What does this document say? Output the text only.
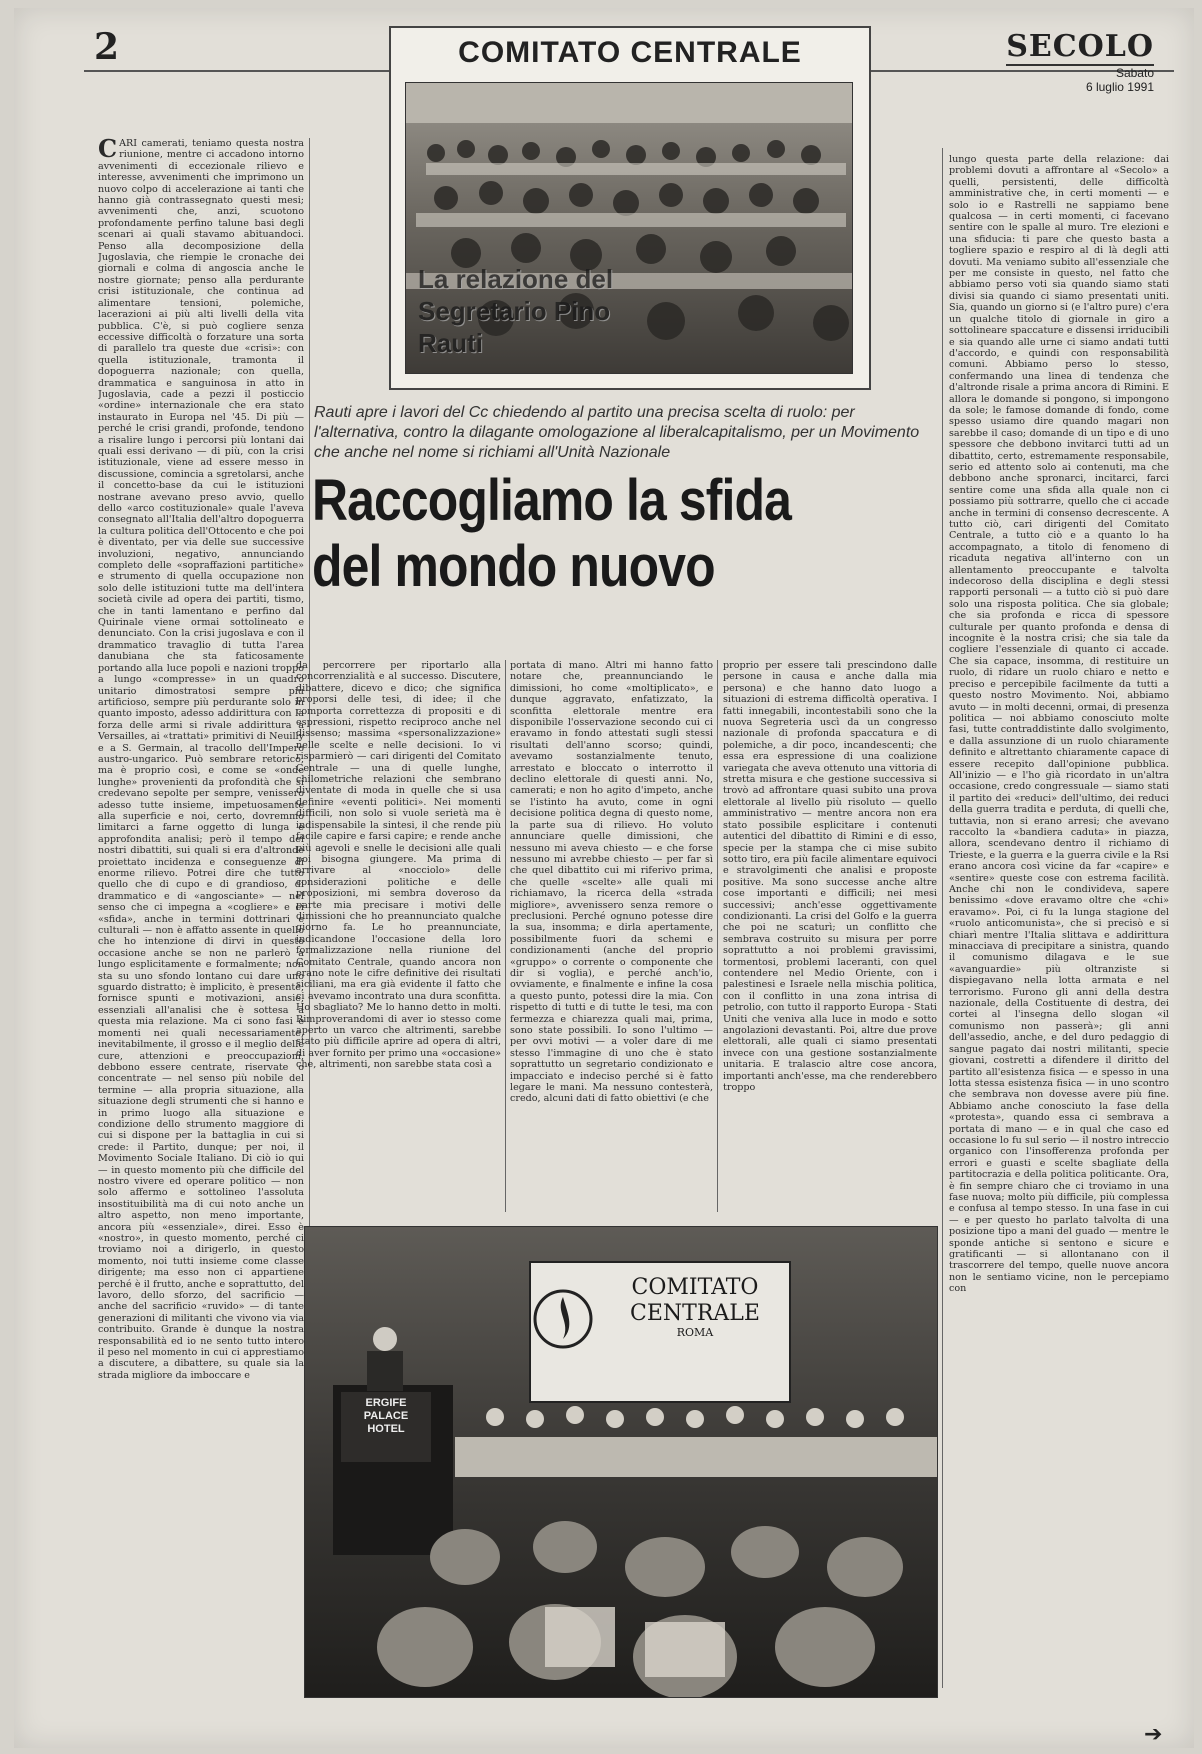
2	SECOLO
Sabato
6 luglio 1991
COMITATO CENTRALE
La relazione del Segretario Pino Rauti
CARI camerati, teniamo questa nostra riunione, mentre ci accadono intorno avvenimenti di eccezionale rilievo e interesse, avvenimenti che imprimono un nuovo colpo di accelerazione ai tanti che hanno già contrassegnato questi mesi; avvenimenti che, anzi, scuotono profondamente perfino talune basi degli scenari ai quali stavamo abituandoci. Penso alla decomposizione della Jugoslavia, che riempie le cronache dei giornali e colma di angoscia anche le nostre giornate; penso alla perdurante crisi istituzionale, che continua ad alimentare tensioni, polemiche, lacerazioni ai più alti livelli della vita pubblica. C'è, si può cogliere senza eccessive difficoltà o forzature una sorta di parallelo tra queste due «crisi»: con quella istituzionale, tramonta il dopoguerra nazionale; con quella, drammatica e sanguinosa in atto in Jugoslavia, cade a pezzi il posticcio «ordine» internazionale che era stato instaurato in Europa nel '45. Di più — perché le crisi grandi, profonde, tendono a risalire lungo i percorsi più lontani dai quali essi derivano — di più, con la crisi istituzionale, viene ad essere messo in discussione, comincia a sgretolarsi, anche il concetto-base da cui le istituzioni nostrane avevano preso avvio, quello dello «arco costituzionale» quale l'aveva consegnato all'Italia dell'altro dopoguerra la cultura politica dell'Ottocento e che poi è diventato, per via delle sue successive involuzioni, negativo, annunciando completo delle «sopraffazioni partitiche» e strumento di quella occupazione non solo delle istituzioni tutte ma dell'intera società civile ad opera dei partiti, tismo, che in tanti lamentano e perfino dal Quirinale viene ormai sottolineato e denunciato. Con la crisi jugoslava e con il drammatico travaglio di tutta l'area danubiana che sta faticosamente portando alla luce popoli e nazioni troppo a lungo «compresse» in un quadro unitario dimostratosi sempre più artificioso, sempre più perdurante solo in quanto imposto, adesso addirittura con la forza delle armi si rivale addirittura a Versailles, ai «trattati» primitivi di Neuilly e a S. Germain, al tracollo dell'Impero austro-ungarico. Può sembrare retorico, ma è proprio così, e come se «onde lunghe» provenienti da profondità che si credevano sepolte per sempre, venissero adesso tutte insieme, impetuosamente alla superficie e noi, certo, dovremmo limitarci a farne oggetto di lunga e approfondita analisi; però il tempo dei nostri dibattiti, sui quali si era d'altronde proiettato incidenza e conseguenze di enorme rilievo. Potrei dire che tutto quello che di cupo e di grandioso, di drammatico e di «angosciante» — nel senso che ci impegna a «cogliere» e ci «sfida», anche in termini dottrinari e culturali — non è affatto assente in quello che ho intenzione di dirvi in questo occasione anche se non ne parlerò a lungo esplicitamente e formalmente; non sta su uno sfondo lontano cui dare uno sguardo distratto; è implicito, è presente, fornisce spunti e motivazioni, ansie, essenziali all'analisi che è sottesa a questa mia relazione. Ma ci sono fasi e momenti nei quali necessariamente, inevitabilmente, il grosso e il meglio delle cure, attenzioni e preoccupazioni, debbono essere centrate, riservate o concentrate — nel senso più nobile del termine — alla propria situazione, alla situazione degli strumenti che si hanno e in primo luogo alla situazione e condizione dello strumento maggiore di cui si dispone per la battaglia in cui si crede: il Partito, dunque; per noi, il Movimento Sociale Italiano. Di ciò io qui — in questo momento più che difficile del nostro vivere ed operare politico — non solo affermo e sottolineo l'assoluta insostituibilità ma di cui noto anche un altro aspetto, non meno importante, ancora più «essenziale», direi. Esso è «nostro», in questo momento, perché ci troviamo noi a dirigerlo, in questo momento, noi tutti insieme come classe dirigente; ma esso non ci appartiene perché è il frutto, anche e soprattutto, del lavoro, dello sforzo, del sacrificio — anche del sacrificio «ruvido» — di tante generazioni di militanti che vivono via via contribuito. Grande è dunque la nostra responsabilità ed io ne sento tutto intero il peso nel momento in cui ci apprestiamo a discutere, a dibattere, su quale sia la strada migliore da imboccare e
Rauti apre i lavori del Cc chiedendo al partito una precisa scelta di ruolo: per l'alternativa, contro la dilagante omologazione al liberalcapitalismo, per un Movimento che anche nel nome si richiami all'Unità Nazionale
Raccogliamo la sfida del mondo nuovo
da percorrere per riportarlo alla concorrenzialità e al successo. Discutere, dibattere, dicevo e dico; che significa proporsi delle tesi, di idee; il che comporta correttezza di propositi e di espressioni, rispetto reciproco anche nel dissenso; massima «spersonalizzazione» nelle scelte e nelle decisioni. Io vi risparmierò — cari dirigenti del Comitato Centrale — una di quelle lunghe, chilometriche relazioni che sembrano diventate di moda in quelle che si usa definire «eventi politici». Nei momenti difficili, non solo si vuole serietà ma è indispensabile la sintesi, il che rende più facile capire e farsi capire; e rende anche più agevoli e snelle le decisioni alle quali poi bisogna giungere. Ma prima di arrivare al «nocciolo» delle considerazioni politiche e delle proposizioni, mi sembra doveroso da parte mia precisare i motivi delle dimissioni che ho preannunciato qualche giorno fa. Le ho preannunciate, indicandone l'occasione della loro formalizzazione nella riunione del Comitato Centrale, quando ancora non erano note le cifre definitive dei risultati siciliani, ma era già evidente il fatto che ci avevamo incontrato una dura sconfitta. Ho sbagliato? Me lo hanno detto in molti. Rimproverandomi di aver io stesso come aperto un varco che altrimenti, sarebbe stato più difficile aprire ad opera di altri, di aver fornito per primo una «occasione» che, altrimenti, non sarebbe stata così a
portata di mano. Altri mi hanno fatto notare che, preannunciando le dimissioni, ho come «moltiplicato», e dunque aggravato, enfatizzato, la sconfitta elettorale mentre era disponibile l'osservazione secondo cui ci eravamo in fondo attestati sugli stessi risultati dell'anno scorso; quindi, avevamo sostanzialmente tenuto, arrestato e bloccato o interrotto il declino elettorale di questi anni. No, camerati; e non ho agito d'impeto, anche se l'istinto ha avuto, come in ogni decisione politica degna di questo nome, la parte sua di rilievo. Ho voluto annunciare quelle dimissioni, che nessuno mi aveva chiesto — e che forse nessuno mi avrebbe chiesto — per far sì che quel dibattito cui mi riferivo prima, che quelle «scelte» alle quali mi richiamavo, la ricerca della «strada migliore», avvenissero senza remore o preclusioni. Perché ognuno potesse dire la sua, insomma; e dirla apertamente, possibilmente fuori da schemi e condizionamenti (anche del proprio «gruppo» o corrente o componente che dir si voglia), e perché anch'io, ovviamente, e finalmente e infine la cosa a questo punto, potessi dire la mia. Con rispetto di tutti e di tutte le tesi, ma con fermezza e chiarezza quali mai, prima, sono state possibili. Io sono l'ultimo — per ovvi motivi — a voler dare di me stesso l'immagine di uno che è stato soprattutto un segretario condizionato e impacciato e indeciso perché si è fatto legare le mani. Ma nessuno contesterà, credo, alcuni dati di fatto obiettivi (e che
proprio per essere tali prescindono dalle persone in causa e anche dalla mia persona) e che hanno dato luogo a situazioni di estrema difficoltà operativa. I fatti innegabili, incontestabili sono che la nuova Segreteria uscì da un congresso nazionale di profonda spaccatura e di polemiche, a dir poco, incandescenti; che essa era espressione di una coalizione variegata che aveva ottenuto una vittoria di stretta misura e che gestione successiva si trovò ad affrontare quasi subito una prova elettorale al livello più risoluto — quello amministrativo — mentre ancora non era stato possibile esplicitare i contenuti autentici del dibattito di Rimini e di esso, specie per la stampa che ci mise subito sotto tiro, era più facile alimentare equivoci e stravolgimenti che analisi e proposte positive. Ma sono successe anche altre cose importanti e difficili; nei mesi successivi; anch'esse oggettivamente condizionanti. La crisi del Golfo e la guerra che poi ne scaturì; un conflitto che sembrava costruito su misura per porre soprattutto a noi problemi gravissimi, tormentosi, problemi laceranti, con quel contendere nel Medio Oriente, con i palestinesi e Israele nella mischia politica, con il conflitto in una zona intrisa di petrolio, con tutto il rapporto Europa - Stati Uniti che veniva alla luce in modo e sotto angolazioni devastanti. Poi, altre due prove elettorali, alle quali ci siamo presentati invece con una gestione sostanzialmente unitaria. E tralascio altre cose ancora, importanti anch'esse, ma che renderebbero troppo
lungo questa parte della relazione: dai problemi dovuti a affrontare al «Secolo» a quelli, persistenti, delle difficoltà amministrative che, in certi momenti — e solo io e Rastrelli ne sappiamo bene qualcosa — in certi momenti, ci facevano sentire con le spalle al muro. Tre elezioni e una sfiducia: ti pare che questo basta a togliere spazio e respiro al di là degli atti dovuti. Ma veniamo subito all'essenziale che per me consiste in questo, nel fatto che abbiamo perso voti sia quando siamo stati divisi sia quando ci siamo presentati uniti. Sia, quando un giorno si (e l'altro pure) c'era un qualche titolo di giornale in giro a sottolineare spaccature e dissensi irriducibili e sia quando alle urne ci siamo andati tutti d'accordo, e quindi con responsabilità comuni. Abbiamo perso lo stesso, confermando una linea di tendenza che d'altronde risale a prima ancora di Rimini. E allora le domande si pongono, si impongono da sole; le famose domande di fondo, come spesso usiamo dire quando magari non sarebbe il caso; domande di un tipo e di uno spessore che debbono invitarci tutti ad un dibattito, certo, estremamente responsabile, serio ed attento solo ai contenuti, ma che debbono anche spronarci, incitarci, farci sentire come una sfida alla quale non ci possiamo più sottrarre, quello che ci accade anche in termini di consenso decrescente. A tutto ciò, cari dirigenti del Comitato Centrale, a tutto ciò e a quanto lo ha accompagnato, a titolo di fenomeno di ricaduta negativa all'interno con un allentamento preoccupante e talvolta indecoroso della disciplina e degli stessi rapporti personali — a tutto ciò si può dare solo una risposta politica. Che sia globale; che sia profonda e ricca di spessore culturale per quanto profonda e densa di incognite è la nostra crisi; che sia tale da cogliere l'essenziale di quanto ci accade. Che sia capace, insomma, di restituire un ruolo, di ridare un ruolo chiaro e netto e preciso e percepibile facilmente da tutti a questo nostro Movimento. Noi, abbiamo avuto — in molti decenni, ormai, di presenza politica — noi abbiamo conosciuto molte fasi, tutte contraddistinte dallo svolgimento, e dalla assunzione di un ruolo chiaramente definito e altrettanto chiaramente capace di essere recepito dall'opinione pubblica. All'inizio — e l'ho già ricordato in un'altra occasione, credo congressuale — siamo stati il partito dei «reduci» dell'ultimo, dei reduci della guerra tradita e perduta, di quelli che, tuttavia, non si erano arresi; che avevano raccolto la «bandiera caduta» in piazza, allora, scendevano dentro il richiamo di Trieste, e la guerra e la guerra civile e la Rsi erano ancora così vicine da far «capire» e «sentire» queste cose con estrema facilità. Anche chi non le condivideva, sapere benissimo «dove eravamo oltre che «chi» eravamo». Poi, ci fu la lunga stagione del «ruolo anticomunista», che si precisò e si chiarì mentre l'Italia slittava e addirittura minacciava di precipitare a sinistra, quando il comunismo dilagava e le sue «avanguardie» più oltranziste si dispiegavano nella lotta armata e nel terrorismo. Furono gli anni della destra nazionale, della Costituente di destra, dei cortei al l'insegna dello slogan «il comunismo non passerà»; gli anni dell'assedio, anche, e del duro pedaggio di sangue pagato dai nostri militanti, specie giovani, costretti a difendere il diritto del partito all'esistenza fisica — e spesso in una lotta stessa esistenza fisica — in uno scontro che sembrava non dovesse avere più fine. Abbiamo anche conosciuto la fase della «protesta», quando essa ci sembrava a portata di mano — e in qual che caso ed occasione lo fu sul serio — il nostro intreccio organico con l'insofferenza profonda per errori e guasti e scelte sbagliate della partitocrazia e della politica politicante. Ora, è fin sempre chiaro che ci troviamo in una fase nuova; molto più difficile, più complessa e confusa al tempo stesso. In una fase in cui — e per questo ho parlato talvolta di una posizione tipo a mani del guado — mentre le sponde antiche si sentono e sicure e gratificanti — si allontanano con il trascorrere del tempo, quelle nuove ancora non le sentiamo vicine, non le percepiamo con
COMITATO
CENTRALE
ROMA
ERGIFE
PALACE
HOTEL
➔
